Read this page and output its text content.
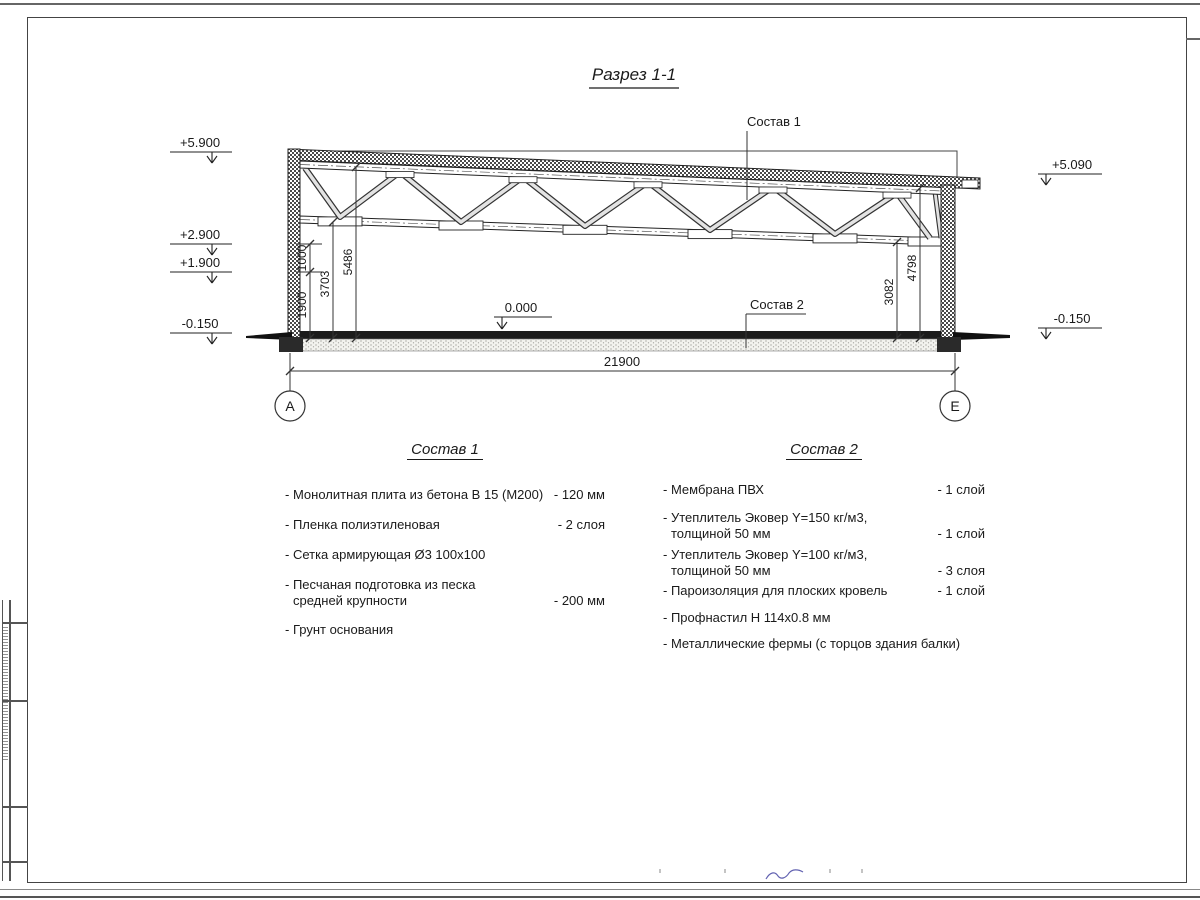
Разрез 1-1
+5.900
+2.900
+1.900
-0.150
+5.090
-0.150
0.000
1900
1000
3703
5486
3082
4798
21900
А	Е
Состав 1
Состав 2
Состав 1
- Монолитная плита из бетона В 15 (М200) - 120 мм
- Пленка полиэтиленовая	- 2 слоя
- Сетка армирующая Ø3 100х100
- Песчаная подготовка из песка
средней крупности	- 200 мм
- Грунт основания
Состав 2
- Мембрана ПВХ	- 1 слой
- Утеплитель Эковер Y=150 кг/м3,
толщиной 50 мм	- 1 слой
- Утеплитель Эковер Y=100 кг/м3,
толщиной 50 мм	- 3 слоя
- Пароизоляция для плоских кровель	- 1 слой
- Профнастил Н 114х0.8 мм
- Металлические фермы (с торцов здания балки)
